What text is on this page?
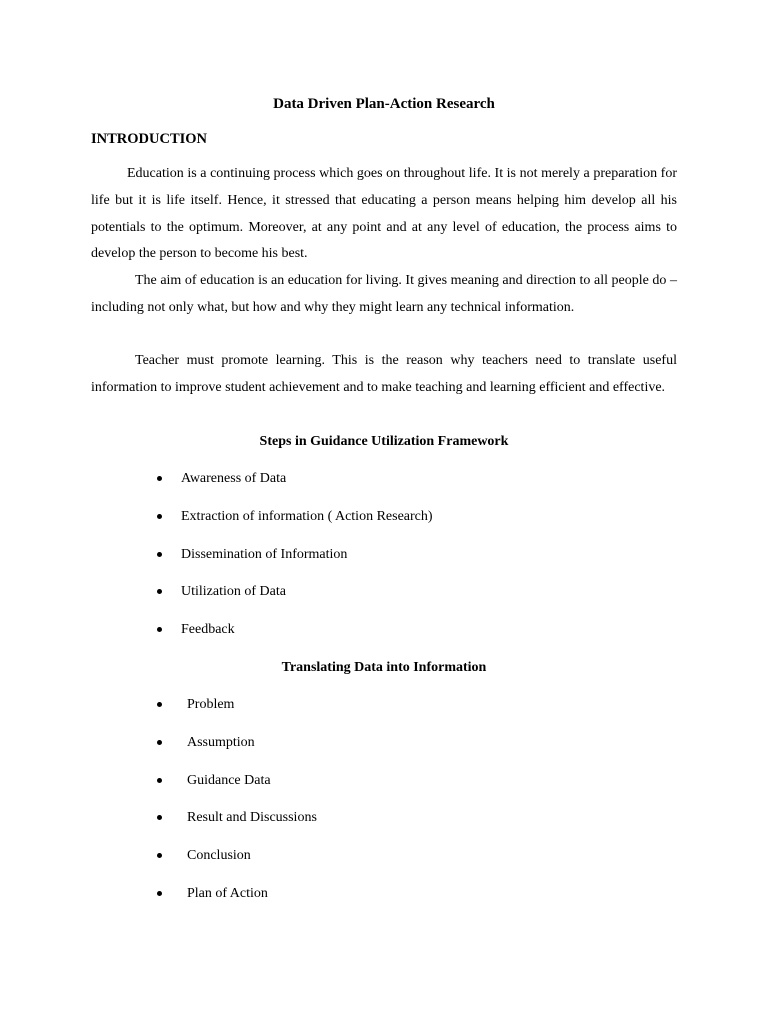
Data Driven Plan-Action Research
INTRODUCTION

Education is a continuing process which goes on throughout life. It is not merely a preparation for life but it is life itself. Hence, it stressed that educating a person means helping him develop all his potentials to the optimum. Moreover, at any point and at any level of education, the process aims to develop the person to become his best.

The aim of education is an education for living. It gives meaning and direction to all people do – including not only what, but how and why they might learn any technical information.

Teacher must promote learning. This is the reason why teachers need to translate useful information to improve student achievement and to make teaching and learning efficient and effective.

Steps in Guidance Utilization Framework
Awareness of Data
Extraction of information ( Action Research)
Dissemination of Information
Utilization of Data
Feedback
Translating Data into Information
Problem
Assumption
Guidance Data
Result and Discussions
Conclusion
Plan of Action
